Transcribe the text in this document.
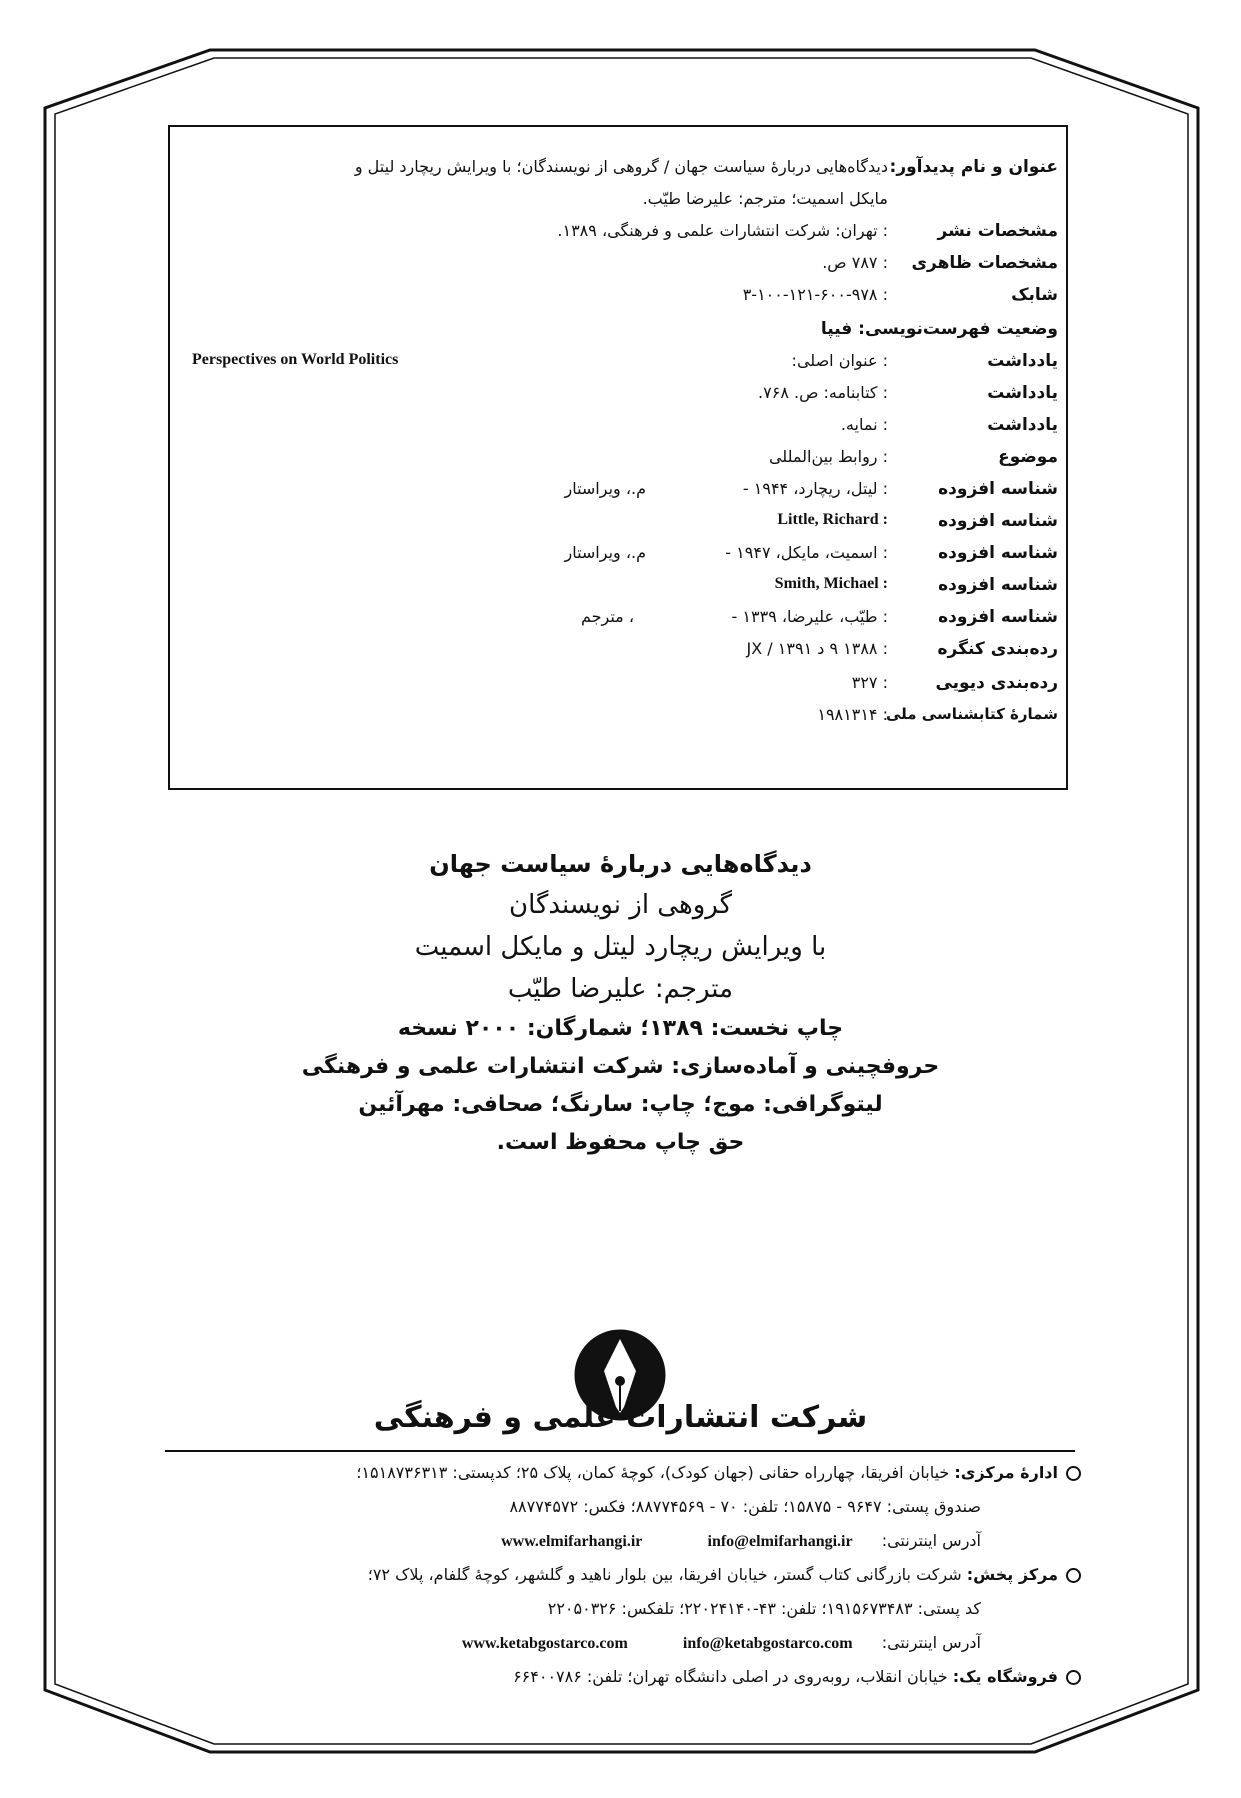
عنوان و نام پدیدآور:
دیدگاه‌هایی دربارهٔ سیاست جهان / گروهی از نویسندگان؛ با ویرایش ریچارد لیتل و
مایکل اسمیت؛ مترجم: علیرضا طیّب.
مشخصات نشر
: تهران: شرکت انتشارات علمی و فرهنگی، ۱۳۸۹.
مشخصات ظاهری
: ۷۸۷ ص.
شابک
: ۳-۱۰۰-۱۲۱-۶۰۰-۹۷۸
وضعیت فهرست‌نویسی: فیپا
یادداشت
: عنوان اصلی:
Perspectives on World Politics
یادداشت
: کتابنامه: ص. ۷۶۸.
یادداشت
: نمایه.
موضوع
: روابط بین‌المللی
شناسه افزوده
: لیتل، ریچارد، ۱۹۴۴ -
م.، ویراستار
شناسه افزوده
Little, Richard :
شناسه افزوده
: اسمیت، مایکل، ۱۹۴۷ -
م.، ویراستار
شناسه افزوده
Smith, Michael :
شناسه افزوده
: طیّب، علیرضا، ۱۳۳۹ -
، مترجم
رده‌بندی کنگره
: ۱۳۸۸ ۹ د ۱۳۹۱ / JX
رده‌بندی دیویی
: ۳۲۷
شمارهٔ کتابشناسی ملی
: ۱۹۸۱۳۱۴
دیدگاه‌هایی دربارهٔ سیاست جهان
گروهی از نویسندگان
با ویرایش ریچارد لیتل و مایکل اسمیت
مترجم: علیرضا طیّب
چاپ نخست: ۱۳۸۹؛ شمارگان: ۲۰۰۰ نسخه
حروفچینی و آماده‌سازی: شرکت انتشارات علمی و فرهنگی
لیتوگرافی: موج؛ چاپ: سارنگ؛ صحافی: مهرآئین
حق چاپ محفوظ است.
شرکت انتشارات علمی و فرهنگی
ادارهٔ مرکزی: خیابان افریقا، چهارراه حقانی (جهان کودک)، کوچهٔ کمان، پلاک ۲۵؛ کدپستی: ۱۵۱۸۷۳۶۳۱۳؛
صندوق پستی: ۹۶۴۷ - ۱۵۸۷۵؛ تلفن: ۷۰ - ۸۸۷۷۴۵۶۹؛ فکس: ۸۸۷۷۴۵۷۲
آدرس اینترنتی: info@elmifarhangi.ir www.elmifarhangi.ir
مرکز پخش: شرکت بازرگانی کتاب گستر، خیابان افریقا، بین بلوار ناهید و گلشهر، کوچهٔ گلفام، پلاک ۷۲؛
کد پستی: ۱۹۱۵۶۷۳۴۸۳؛ تلفن: ۴۳-۲۲۰۲۴۱۴۰؛ تلفکس: ۲۲۰۵۰۳۲۶
آدرس اینترنتی: info@ketabgostarco.com www.ketabgostarco.com
فروشگاه یک: خیابان انقلاب، روبه‌روی در اصلی دانشگاه تهران؛ تلفن: ۶۶۴۰۰۷۸۶
